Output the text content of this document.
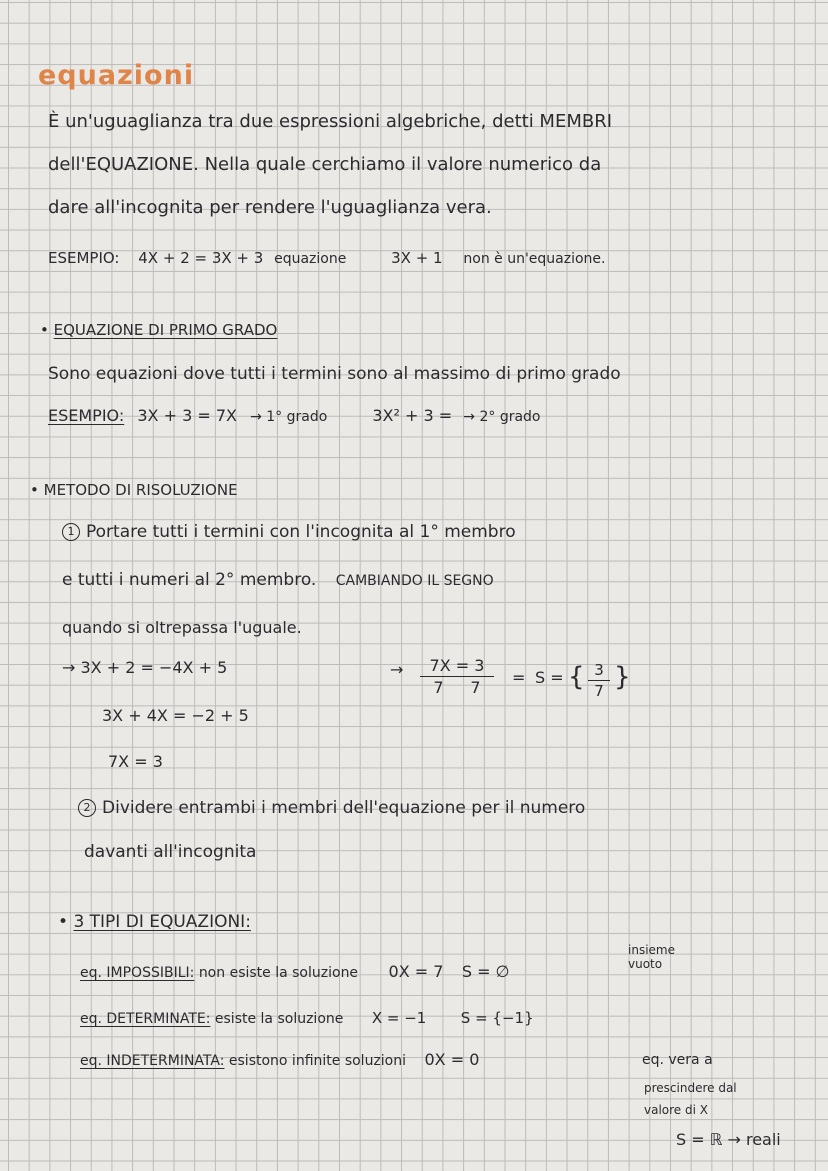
equazioni
È un'uguaglianza tra due espressioni algebriche, detti MEMBRI
dell'EQUAZIONE. Nella quale cerchiamo il valore numerico da
dare all'incognita per rendere l'uguaglianza vera.
ESEMPIO: 4X + 2 = 3X + 3 equazione	3X + 1 non è un'equazione.
• EQUAZIONE DI PRIMO GRADO
Sono equazioni dove tutti i termini sono al massimo di primo grado
ESEMPIO: 3X + 3 = 7X → 1° grado	3X² + 3 = → 2° grado
• METODO DI RISOLUZIONE
1 Portare tutti i termini con l'incognita al 1° membro
e tutti i numeri al 2° membro. CAMBIANDO IL SEGNO
quando si oltrepassa l'uguale.
→ 3X + 2 = −4X + 5
3X + 4X = −2 + 5
7X = 3
→	7X = 3
7 7
= S = { 3
7 }
2 Dividere entrambi i membri dell'equazione per il numero
davanti all'incognita
• 3 TIPI DI EQUAZIONI:
eq. IMPOSSIBILI: non esiste la soluzione 0X = 7 S = ∅
insieme
vuoto
eq. DETERMINATE: esiste la soluzione X = −1 S = {−1}
eq. INDETERMINATA: esistono infinite soluzioni 0X = 0	eq. vera a
prescindere dal
valore di X
S = ℝ → reali
